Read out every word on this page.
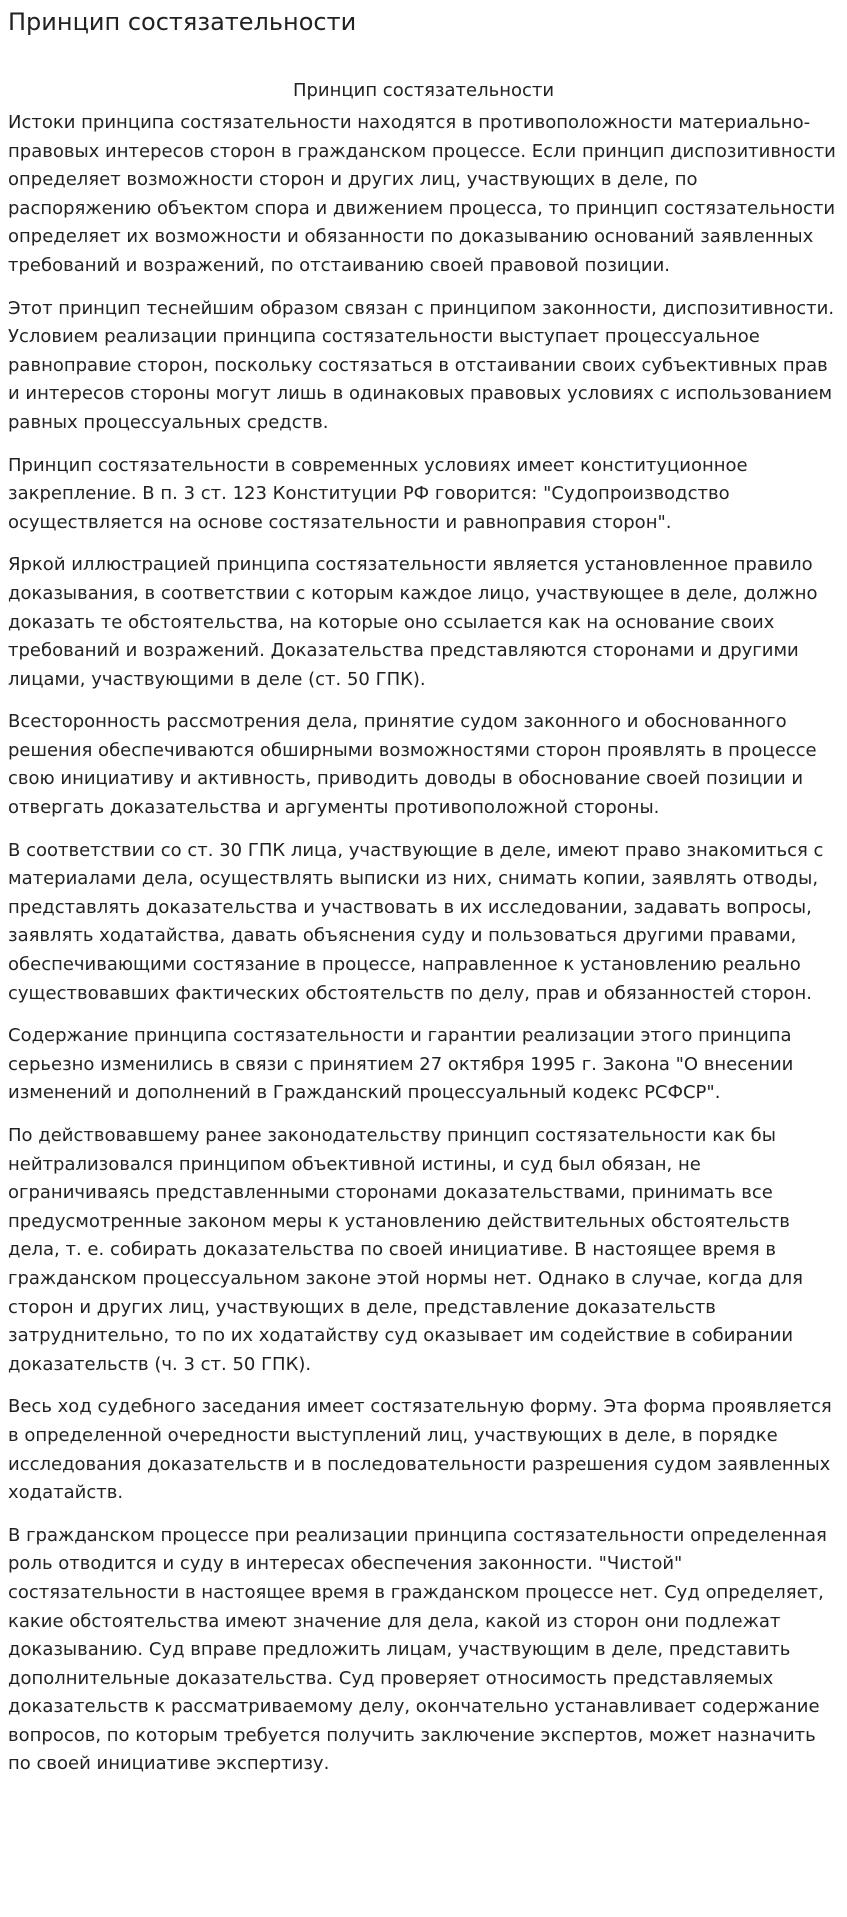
Принцип состязательности
Принцип состязательности

Истоки принципа состязательности находятся в противоположности материально-правовых интересов сторон в гражданском процессе. Если принцип диспозитивности определяет возможности сторон и других лиц, участвующих в деле, по распоряжению объектом спора и движением процесса, то принцип состязательности определяет их возможности и обязанности по доказыванию оснований заявленных требований и возражений, по отстаиванию своей правовой позиции.

Этот принцип теснейшим образом связан с принципом законности, диспозитивности. Условием реализации принципа состязательности выступает процессуальное равноправие сторон, поскольку состязаться в отстаивании своих субъективных прав и интересов стороны могут лишь в одинаковых правовых условиях с использованием равных процессуальных средств.

Принцип состязательности в современных условиях имеет конституционное закрепление. В п. 3 ст. 123 Конституции РФ говорится: "Судопроизводство осуществляется на основе состязательности и равноправия сторон".

Яркой иллюстрацией принципа состязательности является установленное правило доказывания, в соответствии с которым каждое лицо, участвующее в деле, должно доказать те обстоятельства, на которые оно ссылается как на основание своих требований и возражений. Доказательства представляются сторонами и другими лицами, участвующими в деле (ст. 50 ГПК).

Всесторонность рассмотрения дела, принятие судом законного и обоснованного решения обеспечиваются обширными возможностями сторон проявлять в процессе свою инициативу и активность, приводить доводы в обоснование своей позиции и отвергать доказательства и аргументы противоположной стороны.

В соответствии со ст. 30 ГПК лица, участвующие в деле, имеют право знакомиться с материалами дела, осуществлять выписки из них, снимать копии, заявлять отводы, представлять доказательства и участвовать в их исследовании, задавать вопросы, заявлять ходатайства, давать объяснения суду и пользоваться другими правами, обеспечивающими состязание в процессе, направленное к установлению реально существовавших фактических обстоятельств по делу, прав и обязанностей сторон.

Содержание принципа состязательности и гарантии реализации этого принципа серьезно изменились в связи с принятием 27 октября 1995 г. Закона "О внесении изменений и дополнений в Гражданский процессуальный кодекс РСФСР".

По действовавшему ранее законодательству принцип состязательности как бы нейтрализовался принципом объективной истины, и суд был обязан, не ограничиваясь представленными сторонами доказательствами, принимать все предусмотренные законом меры к установлению действительных обстоятельств дела, т. е. собирать доказательства по своей инициативе. В настоящее время в гражданском процессуальном законе этой нормы нет. Однако в случае, когда для сторон и других лиц, участвующих в деле, представление доказательств затруднительно, то по их ходатайству суд оказывает им содействие в собирании доказательств (ч. 3 ст. 50 ГПК).

Весь ход судебного заседания имеет состязательную форму. Эта форма проявляется в определенной очередности выступлений лиц, участвующих в деле, в порядке исследования доказательств и в последовательности разрешения судом заявленных ходатайств.

В гражданском процессе при реализации принципа состязательности определенная роль отводится и суду в интересах обеспечения законности. "Чистой" состязательности в настоящее время в гражданском процессе нет. Суд определяет, какие обстоятельства имеют значение для дела, какой из сторон они подлежат доказыванию. Суд вправе предложить лицам, участвующим в деле, представить дополнительные доказательства. Суд проверяет относимость представляемых доказательств к рассматриваемому делу, окончательно устанавливает содержание вопросов, по которым требуется получить заключение экспертов, может назначить по своей инициативе экспертизу.
